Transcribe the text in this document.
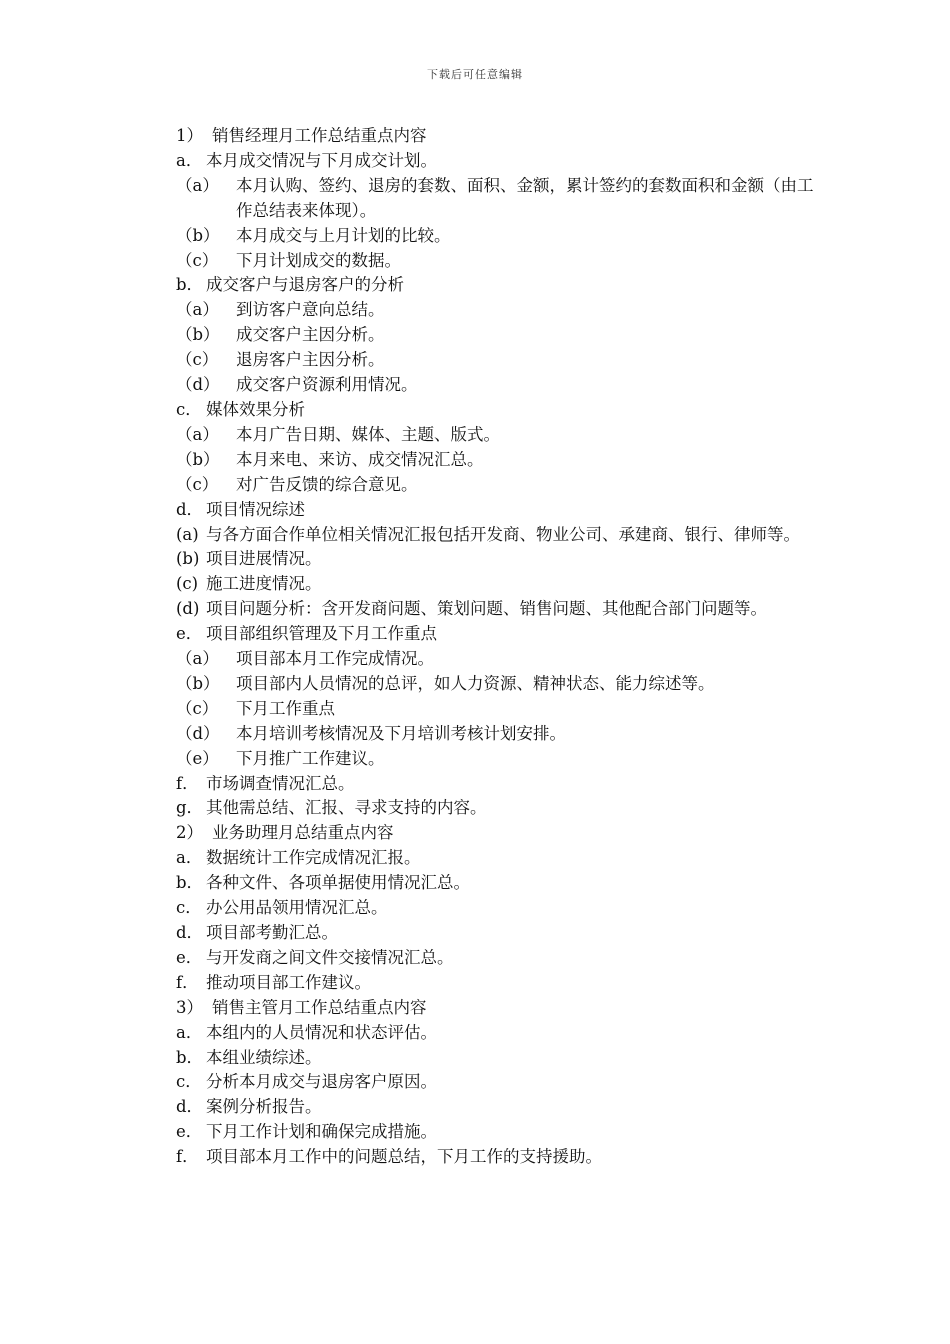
下载后可任意编辑
1） 销售经理月工作总结重点内容
a． 本月成交情况与下月成交计划。
（a）	本月认购、签约、退房的套数、面积、金额，累计签约的套数面积和金额（由工作总结表来体现）。
（b） 本月成交与上月计划的比较。
（c）	下月计划成交的数据。
b． 成交客户与退房客户的分析
（a）	到访客户意向总结。
（b） 成交客户主因分析。
（c）	退房客户主因分析。
（d） 成交客户资源利用情况。
c． 媒体效果分析
（a）	本月广告日期、媒体、主题、版式。
（b） 本月来电、来访、成交情况汇总。
（c）	对广告反馈的综合意见。
d． 项目情况综述
(a) 与各方面合作单位相关情况汇报包括开发商、物业公司、承建商、银行、律师等。
(b) 项目进展情况。
(c) 施工进度情况。
(d) 项目问题分析：含开发商问题、策划问题、销售问题、其他配合部门问题等。
e． 项目部组织管理及下月工作重点
（a）	项目部本月工作完成情况。
（b） 项目部内人员情况的总评，如人力资源、精神状态、能力综述等。
（c）	下月工作重点
（d） 本月培训考核情况及下月培训考核计划安排。
（e）	下月推广工作建议。
f． 市场调查情况汇总。
g． 其他需总结、汇报、寻求支持的内容。
2） 业务助理月总结重点内容
a． 数据统计工作完成情况汇报。
b． 各种文件、各项单据使用情况汇总。
c． 办公用品领用情况汇总。
d． 项目部考勤汇总。
e． 与开发商之间文件交接情况汇总。
f． 推动项目部工作建议。
3） 销售主管月工作总结重点内容
a． 本组内的人员情况和状态评估。
b． 本组业绩综述。
c． 分析本月成交与退房客户原因。
d． 案例分析报告。
e． 下月工作计划和确保完成措施。
f． 项目部本月工作中的问题总结，下月工作的支持援助。
